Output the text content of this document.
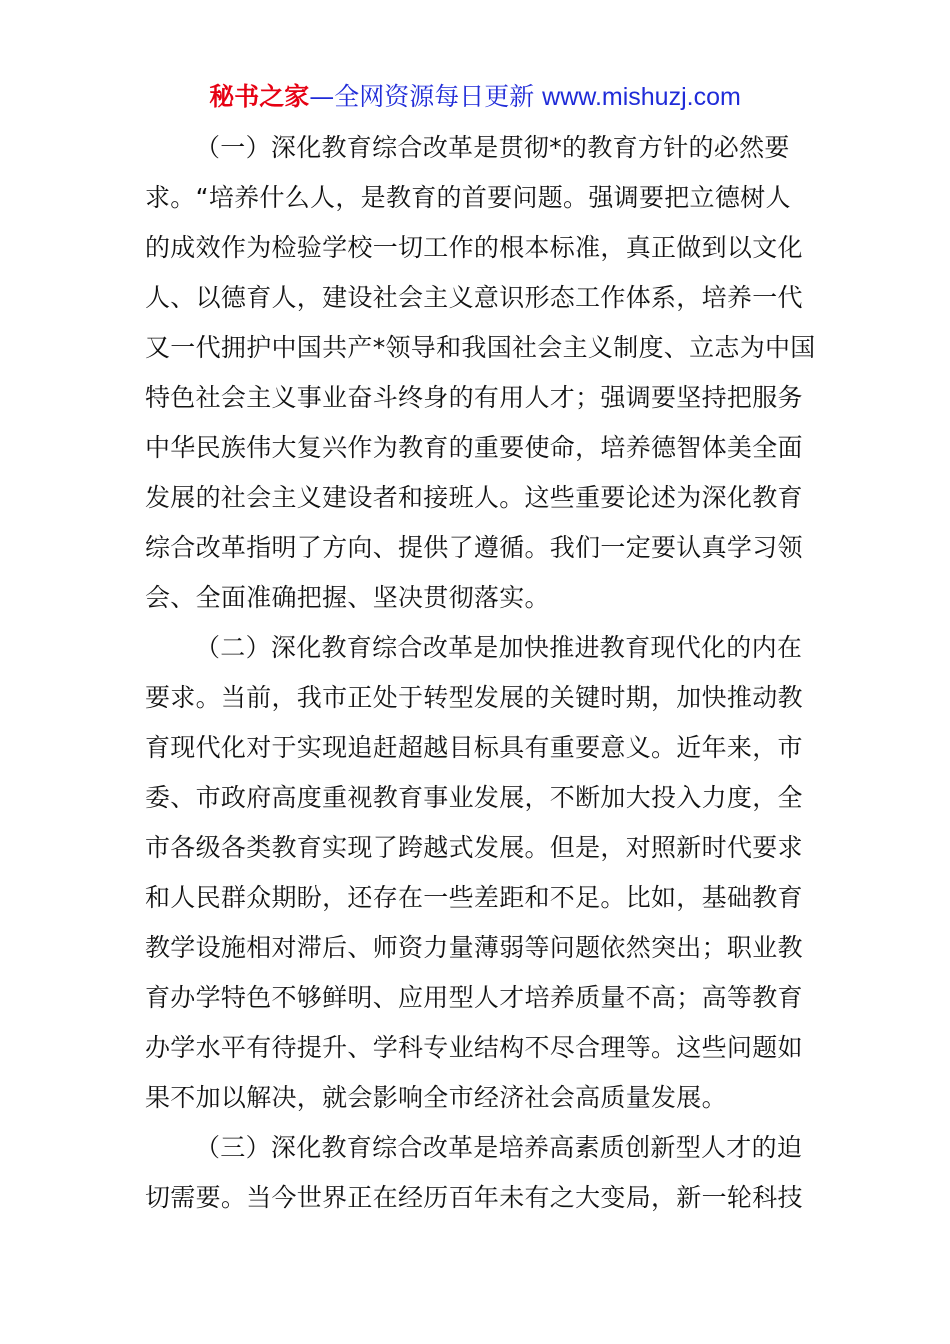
秘书之家—全网资源每日更新 www.mishuzj.com
（一）深化教育综合改革是贯彻*的教育方针的必然要
求。“培养什么人，是教育的首要问题。强调要把立德树人
的成效作为检验学校一切工作的根本标准，真正做到以文化
人、以德育人，建设社会主义意识形态工作体系，培养一代
又一代拥护中国共产*领导和我国社会主义制度、立志为中国
特色社会主义事业奋斗终身的有用人才；强调要坚持把服务
中华民族伟大复兴作为教育的重要使命，培养德智体美全面
发展的社会主义建设者和接班人。这些重要论述为深化教育
综合改革指明了方向、提供了遵循。我们一定要认真学习领
会、全面准确把握、坚决贯彻落实。
（二）深化教育综合改革是加快推进教育现代化的内在
要求。当前，我市正处于转型发展的关键时期，加快推动教
育现代化对于实现追赶超越目标具有重要意义。近年来，市
委、市政府高度重视教育事业发展，不断加大投入力度，全
市各级各类教育实现了跨越式发展。但是，对照新时代要求
和人民群众期盼，还存在一些差距和不足。比如，基础教育
教学设施相对滞后、师资力量薄弱等问题依然突出；职业教
育办学特色不够鲜明、应用型人才培养质量不高；高等教育
办学水平有待提升、学科专业结构不尽合理等。这些问题如
果不加以解决，就会影响全市经济社会高质量发展。
（三）深化教育综合改革是培养高素质创新型人才的迫
切需要。当今世界正在经历百年未有之大变局，新一轮科技
